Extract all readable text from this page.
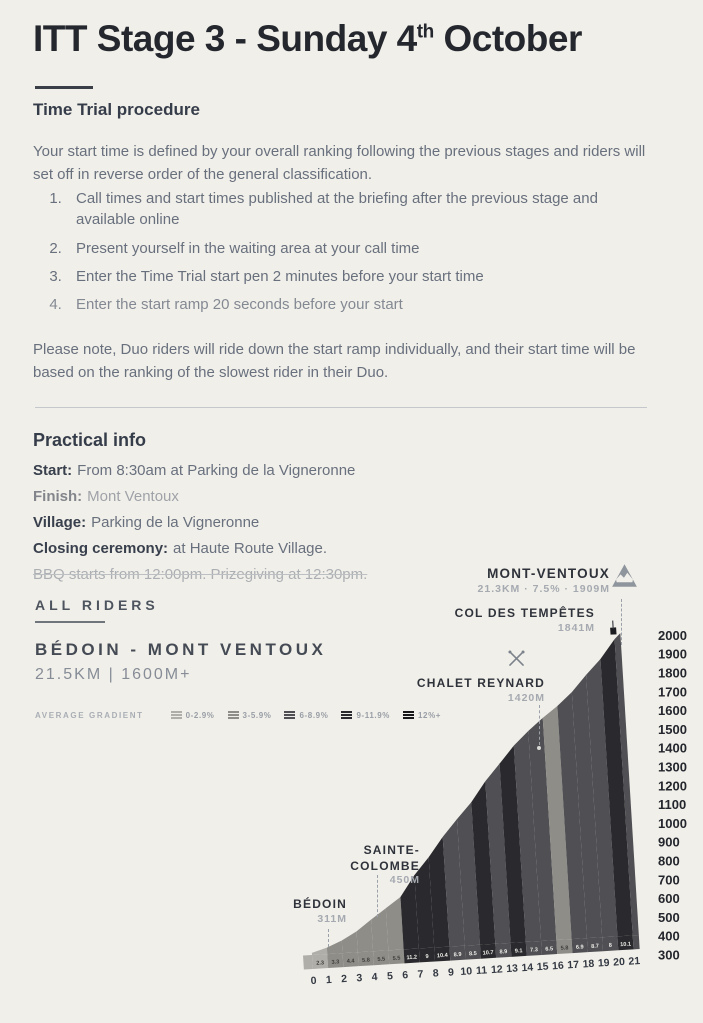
ITT Stage 3 - Sunday 4th October
Time Trial procedure

Your start time is defined by your overall ranking following the previous stages and riders will set off in reverse order of the general classification.

1. Call times and start times published at the briefing after the previous stage and available online
2. Present yourself in the waiting area at your call time
3. Enter the Time Trial start pen 2 minutes before your start time
4. Enter the start ramp 20 seconds before your start

Please note, Duo riders will ride down the start ramp individually, and their start time will be based on the ranking of the slowest rider in their Duo.

Practical info
Start: From 8:30am at Parking de la Vigneronne
Finish: Mont Ventoux
Village: Parking de la Vigneronne
Closing ceremony: at Haute Route Village.
BBQ starts from 12:00pm. Prizegiving at 12:30pm.
ALL RIDERS
BÉDOIN - MONT VENTOUX
21.5KM | 1600M+
AVERAGE GRADIENT	0-2.9%	3-5.9%	6-8.9%	9-11.9%	12%+
2.3 3.3 4.4 5.8 5.5 5.5 11.2 9 10.4 8.9 8.5 10.7 8.9 9.1 7.3 6.5 5.8 6.9 8.7 8 10.1
0 1 2 3 4 5 6 7 8 9 10 11 12 13 14 15 16 17 18 19 20 21
2000
1900
1800
1700
1600
1500
1400
1300
1200
1100
1000
900
800
700
600
500
400
300
MONT-VENTOUX
21.3KM · 7.5% · 1909M
COL DES TEMPÊTES
1841M
CHALET REYNARD
1420M
SAINTE-COLOMBE
450M
BÉDOIN
311M
